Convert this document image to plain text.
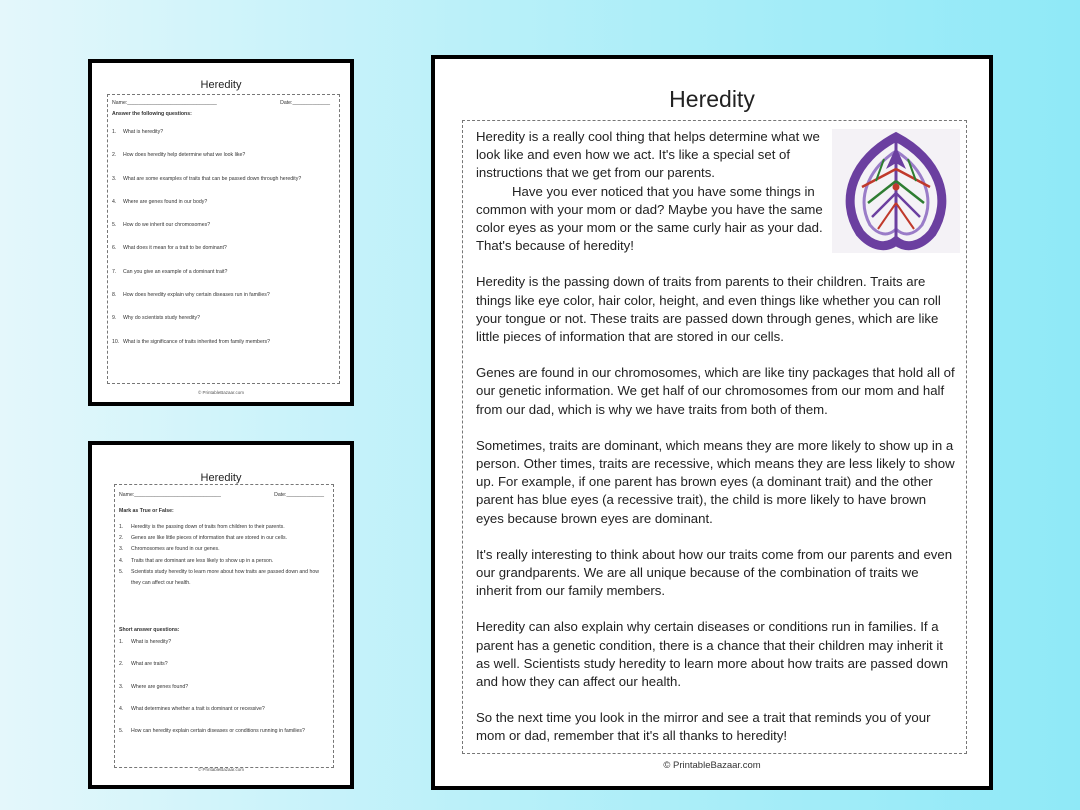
Heredity
Name:_______________________________	Date:_____________
Answer the following questions:
1. What is heredity?
2. How does heredity help determine what we look like?
3. What are some examples of traits that can be passed down through heredity?
4. Where are genes found in our body?
5. How do we inherit our chromosomes?
6. What does it mean for a trait to be dominant?
7. Can you give an example of a dominant trait?
8. How does heredity explain why certain diseases run in families?
9. Why do scientists study heredity?
10. What is the significance of traits inherited from family members?
© PrintableBazaar.com
Heredity
Name:______________________________	Date:_____________
Mark as True or False:
1. Heredity is the passing down of traits from children to their parents.
2. Genes are like little pieces of information that are stored in our cells.
3. Chromosomes are found in our genes.
4. Traits that are dominant are less likely to show up in a person.
5. Scientists study heredity to learn more about how traits are passed down and how they can affect our health.
Short answer questions:
1. What is heredity?
2. What are traits?
3. Where are genes found?
4. What determines whether a trait is dominant or recessive?
5. How can heredity explain certain diseases or conditions running in families?
© PrintableBazaar.com
Heredity

Heredity is a really cool thing that helps determine what we look like and even how we act. It's like a special set of instructions that we get from our parents.
Have you ever noticed that you have some things in common with your mom or dad? Maybe you have the same color eyes as your mom or the same curly hair as your dad. That's because of heredity!

Heredity is the passing down of traits from parents to their children. Traits are things like eye color, hair color, height, and even things like whether you can roll your tongue or not. These traits are passed down through genes, which are like little pieces of information that are stored in our cells.

Genes are found in our chromosomes, which are like tiny packages that hold all of our genetic information. We get half of our chromosomes from our mom and half from our dad, which is why we have traits from both of them.

Sometimes, traits are dominant, which means they are more likely to show up in a person. Other times, traits are recessive, which means they are less likely to show up. For example, if one parent has brown eyes (a dominant trait) and the other parent has blue eyes (a recessive trait), the child is more likely to have brown eyes because brown eyes are dominant.

It's really interesting to think about how our traits come from our parents and even our grandparents. We are all unique because of the combination of traits we inherit from our family members.

Heredity can also explain why certain diseases or conditions run in families. If a parent has a genetic condition, there is a chance that their children may inherit it as well. Scientists study heredity to learn more about how traits are passed down and how they can affect our health.

So the next time you look in the mirror and see a trait that reminds you of your mom or dad, remember that it's all thanks to heredity!

© PrintableBazaar.com
